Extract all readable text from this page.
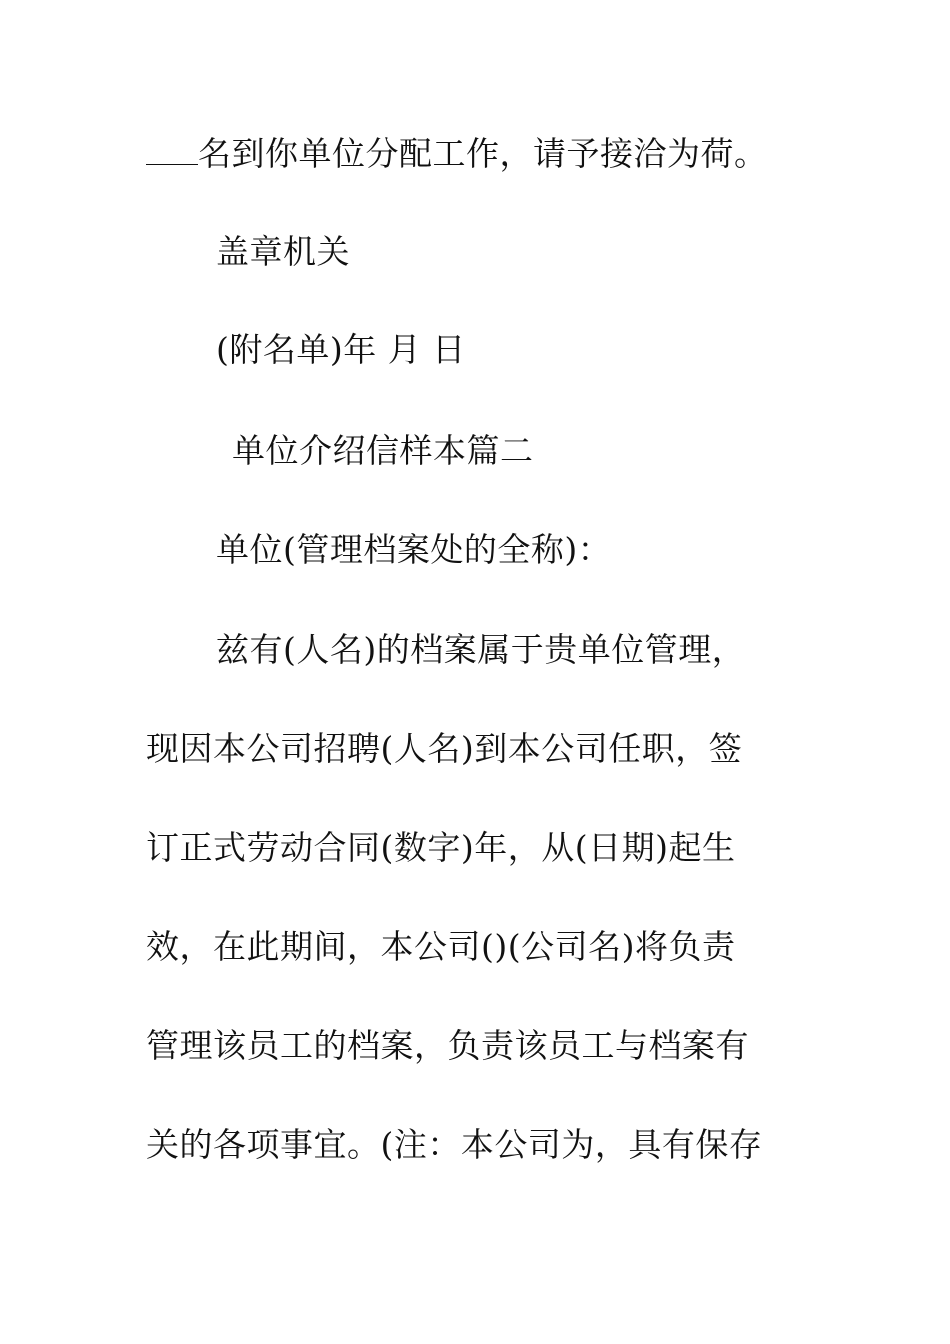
名到你单位分配工作，请予接洽为荷。
盖章机关
(附名单)年 月 日
单位介绍信样本篇二
单位(管理档案处的全称)：
兹有(人名)的档案属于贵单位管理，
现因本公司招聘(人名)到本公司任职，签
订正式劳动合同(数字)年，从(日期)起生
效，在此期间，本公司()(公司名)将负责
管理该员工的档案，负责该员工与档案有
关的各项事宜。(注：本公司为，具有保存
